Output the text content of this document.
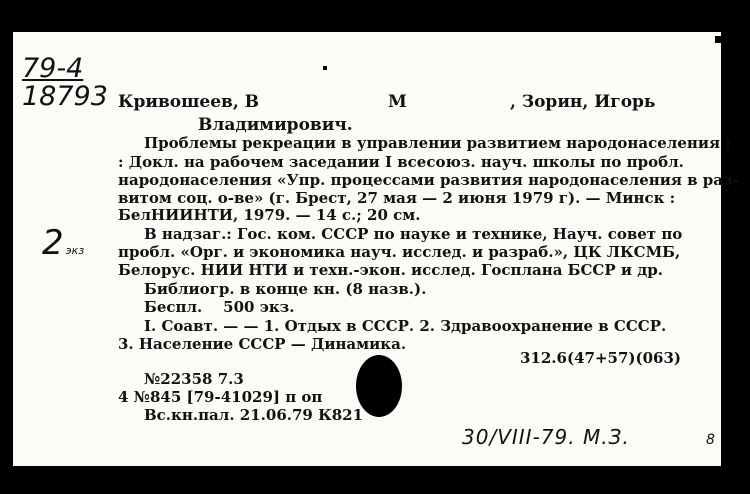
79-4
18793
2 экз
Кривошеев, В	М	, Зорин, Игорь
Владимирович.
Проблемы рекреации в управлении развитием народонаселения :
: Докл. на рабочем заседании I всесоюз. науч. школы по пробл.
народонаселения «Упр. процессами развития народонаселения в раз-
витом соц. о-ве» (г. Брест, 27 мая — 2 июня 1979 г). — Минск :
БелНИИНТИ, 1979. — 14 с.; 20 см.
В надзаг.: Гос. ком. СССР по науке и технике, Науч. совет по
пробл. «Орг. и экономика науч. исслед. и разраб.», ЦК ЛКСМБ,
Белорус. НИИ НТИ и техн.-экон. исслед. Госплана БССР и др.
Библиогр. в конце кн. (8 назв.).
Беспл.    500 экз.
I. Соавт. — — 1. Отдых в СССР. 2. Здравоохранение в СССР.
3. Население СССР — Динамика.
312.6(47+57)(063)
№22358 7.3
4 №845 [79-41029] п оп
Вс.кн.пал. 21.06.79 К821
30/VIII-79. М.З.	8
